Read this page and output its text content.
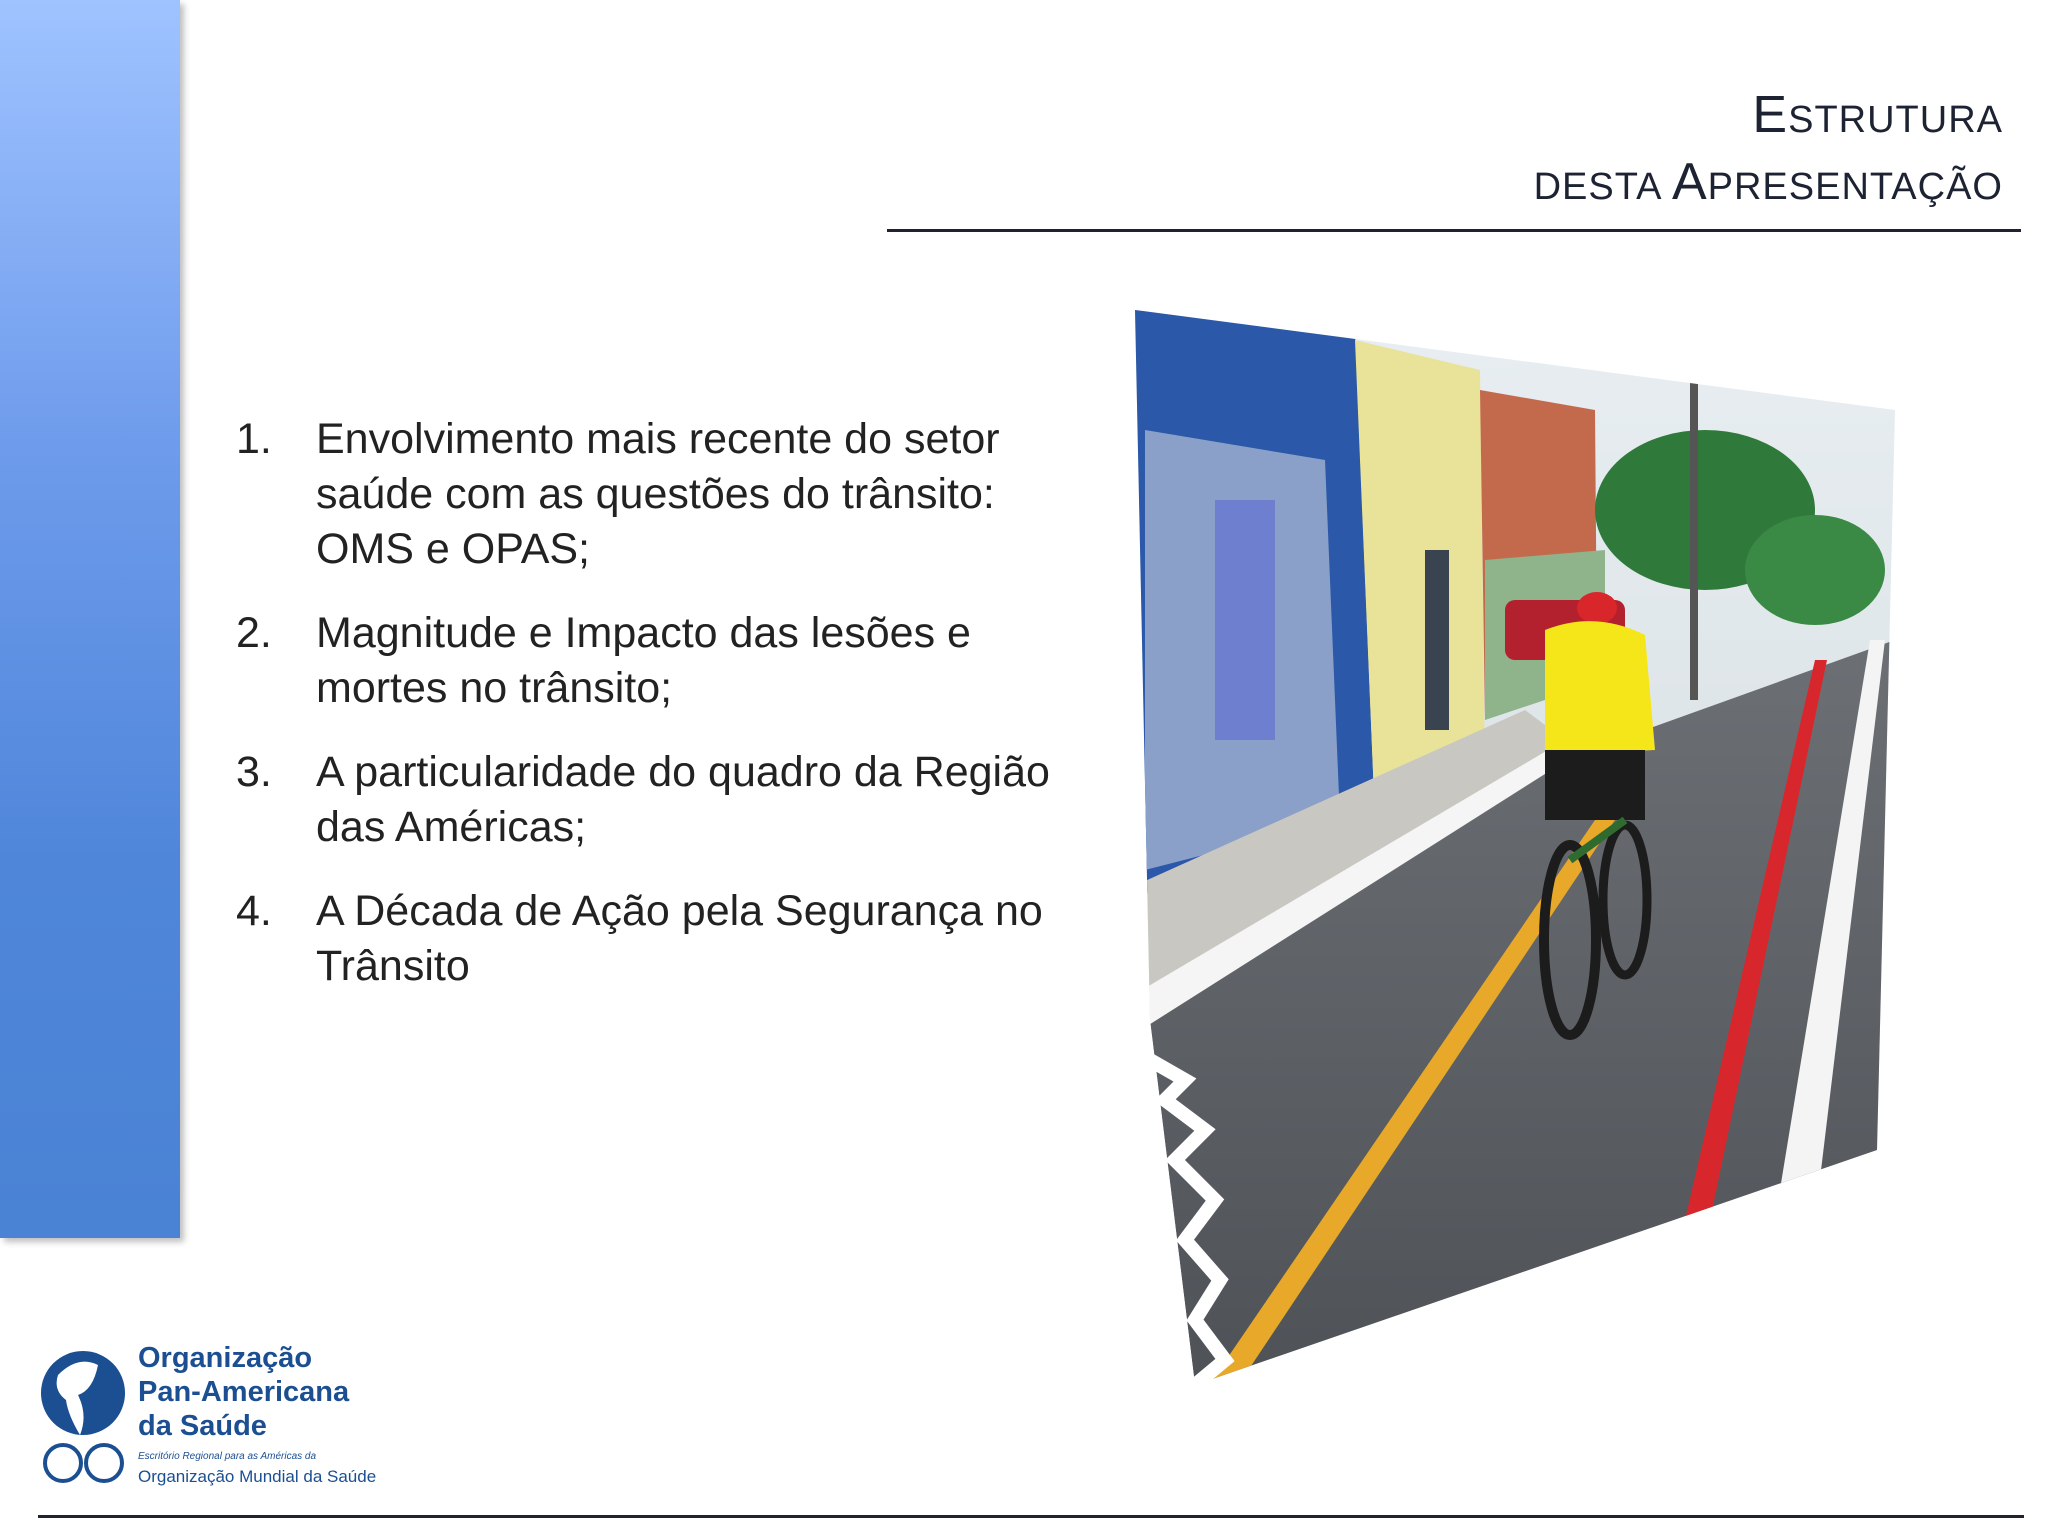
ESTRUTURA
DESTA APRESENTAÇÃO
1.	Envolvimento mais recente do setor saúde com as questões do trânsito: OMS e OPAS;
2.	Magnitude e Impacto das lesões e mortes no trânsito;
3.	A particularidade do quadro da Região das Américas;
4.	A Década de Ação pela Segurança no Trânsito
Organização
Pan-Americana
da Saúde
Escritório Regional para as Américas da
Organização Mundial da Saúde
